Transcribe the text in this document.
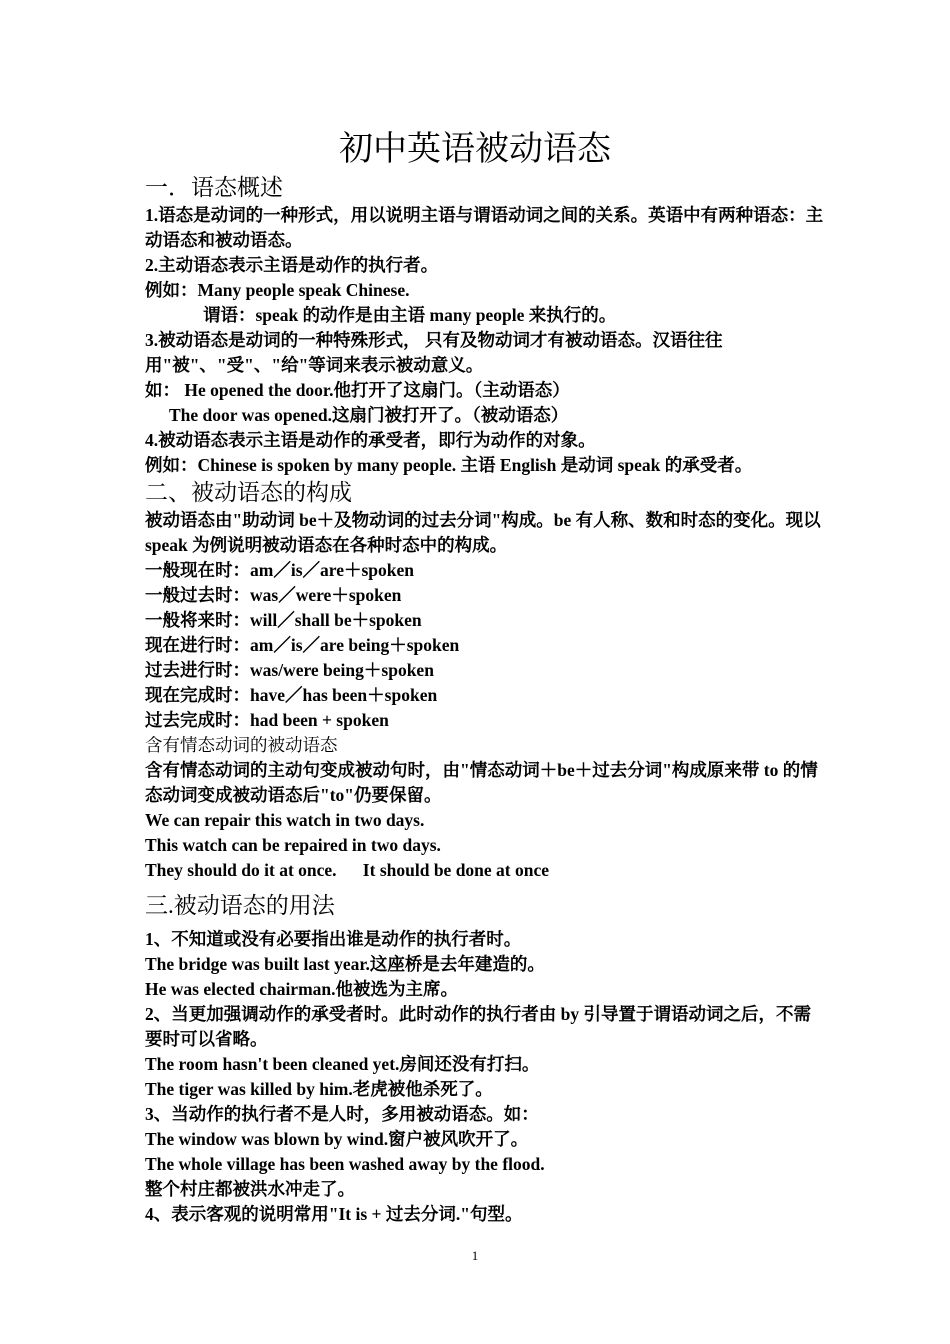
初中英语被动语态
一．语态概述

1.语态是动词的一种形式，用以说明主语与谓语动词之间的关系。英语中有两种语态：主动语态和被动语态。

2.主动语态表示主语是动作的执行者。

例如：Many people speak Chinese.

谓语：speak 的动作是由主语 many people 来执行的。

3.被动语态是动词的一种特殊形式， 只有及物动词才有被动语态。汉语往往用"被"、"受"、"给"等词来表示被动意义。

如： He opened the door.他打开了这扇门。（主动语态）

The door was opened.这扇门被打开了。（被动语态）

4.被动语态表示主语是动作的承受者，即行为动作的对象。

例如：Chinese is spoken by many people. 主语 English 是动词 speak 的承受者。

二、被动语态的构成

被动语态由"助动词 be＋及物动词的过去分词"构成。be 有人称、数和时态的变化。现以 speak 为例说明被动语态在各种时态中的构成。

一般现在时：am／is／are＋spoken

一般过去时：was／were＋spoken

一般将来时：will／shall be＋spoken

现在进行时：am／is／are being＋spoken

过去进行时：was/were being＋spoken

现在完成时：have／has been＋spoken

过去完成时：had been + spoken

含有情态动词的被动语态

含有情态动词的主动句变成被动句时，由"情态动词＋be＋过去分词"构成原来带 to 的情态动词变成被动语态后"to"仍要保留。

We can repair this watch in two days.

This watch can be repaired in two days.

They should do it at once.      It should be done at once

三.被动语态的用法

1、不知道或没有必要指出谁是动作的执行者时。

The bridge was built last year.这座桥是去年建造的。

He was elected chairman.他被选为主席。

2、当更加强调动作的承受者时。此时动作的执行者由 by 引导置于谓语动词之后，不需要时可以省略。

The room hasn't been cleaned yet.房间还没有打扫。

The tiger was killed by him.老虎被他杀死了。

3、当动作的执行者不是人时，多用被动语态。如：

The window was blown by wind.窗户被风吹开了。

The whole village has been washed away by the flood.

整个村庄都被洪水冲走了。

4、表示客观的说明常用"It is + 过去分词."句型。

1
